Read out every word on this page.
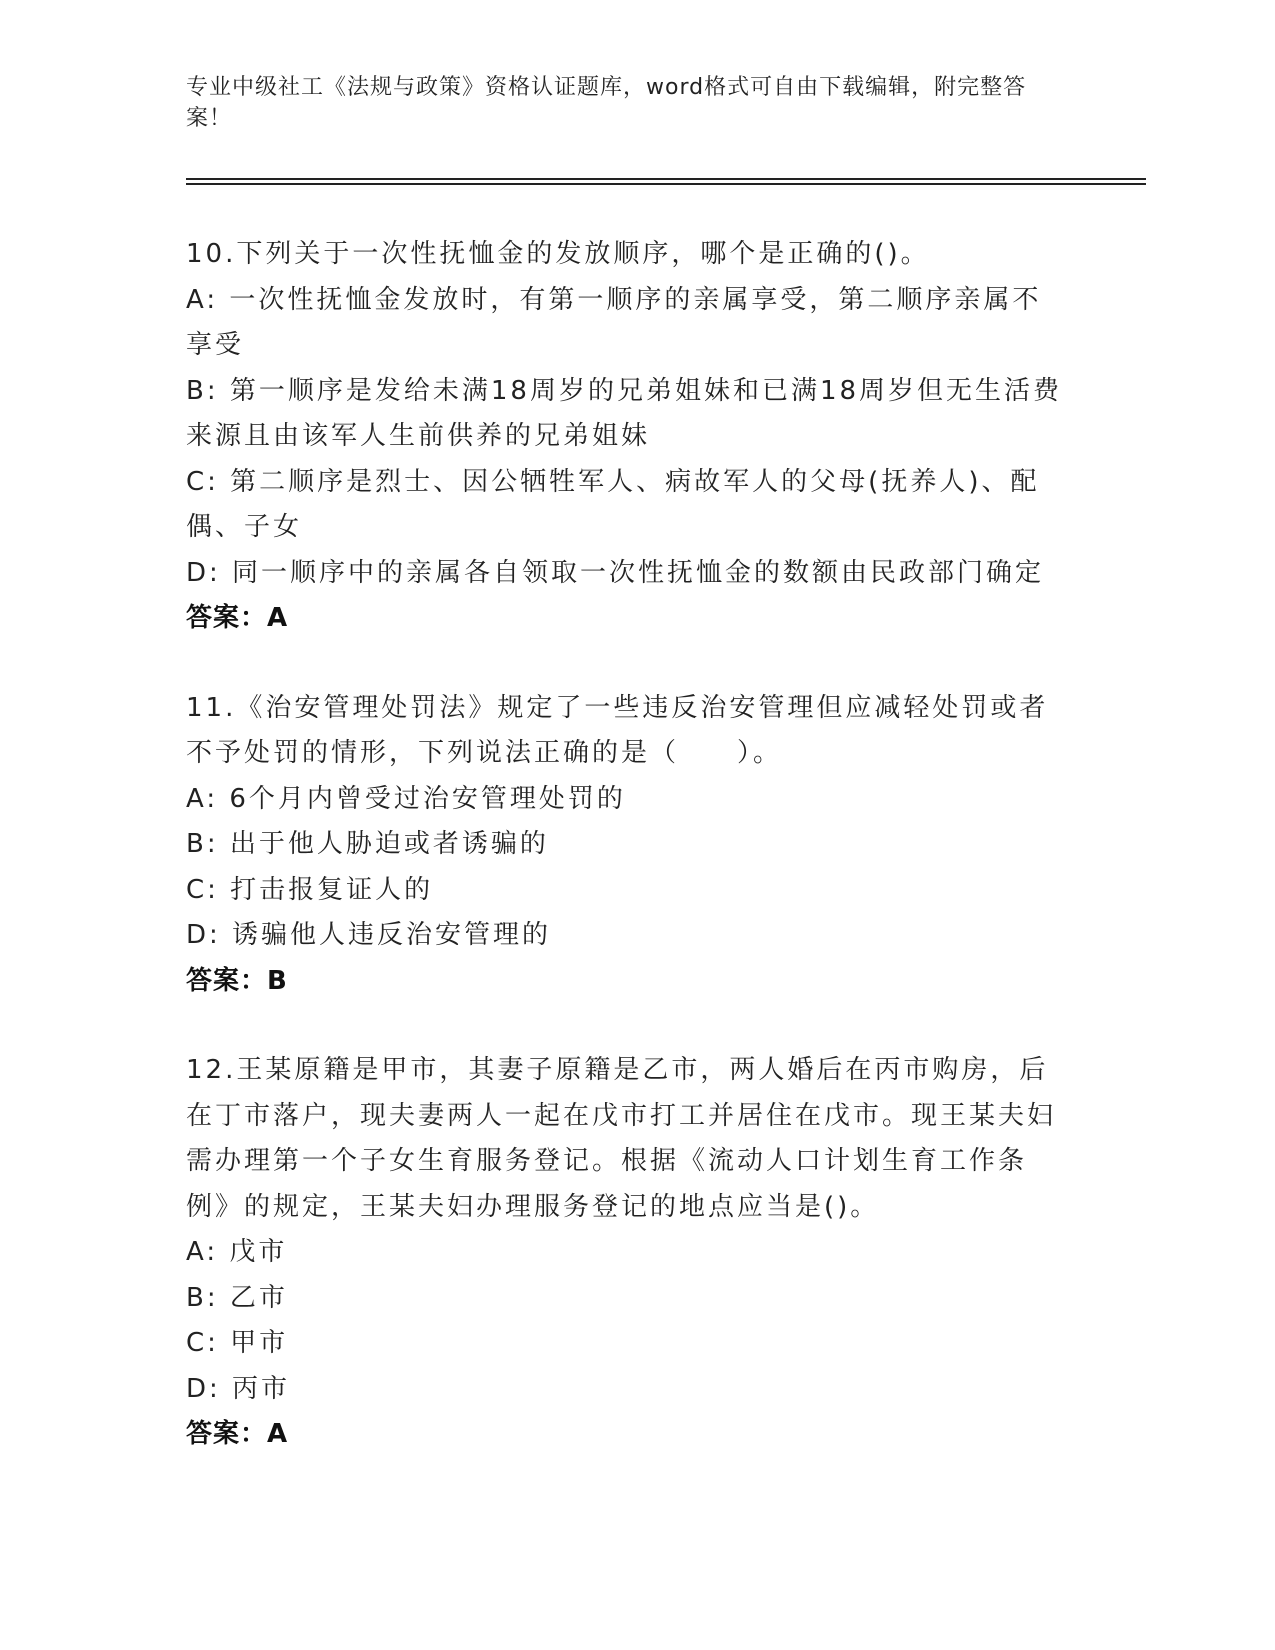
专业中级社工《法规与政策》资格认证题库，word格式可自由下载编辑，附完整答案！

10.下列关于一次性抚恤金的发放顺序，哪个是正确的()。

A: 一次性抚恤金发放时，有第一顺序的亲属享受，第二顺序亲属不享受

B: 第一顺序是发给未满18周岁的兄弟姐妹和已满18周岁但无生活费来源且由该军人生前供养的兄弟姐妹

C: 第二顺序是烈士、因公牺牲军人、病故军人的父母(抚养人)、配偶、子女

D: 同一顺序中的亲属各自领取一次性抚恤金的数额由民政部门确定

答案：A

11.《治安管理处罚法》规定了一些违反治安管理但应减轻处罚或者不予处罚的情形，下列说法正确的是（　　）。

A: 6个月内曾受过治安管理处罚的

B: 出于他人胁迫或者诱骗的

C: 打击报复证人的

D: 诱骗他人违反治安管理的

答案：B

12.王某原籍是甲市，其妻子原籍是乙市，两人婚后在丙市购房，后在丁市落户，现夫妻两人一起在戊市打工并居住在戊市。现王某夫妇需办理第一个子女生育服务登记。根据《流动人口计划生育工作条例》的规定，王某夫妇办理服务登记的地点应当是()。

A: 戊市

B: 乙市

C: 甲市

D: 丙市

答案：A
